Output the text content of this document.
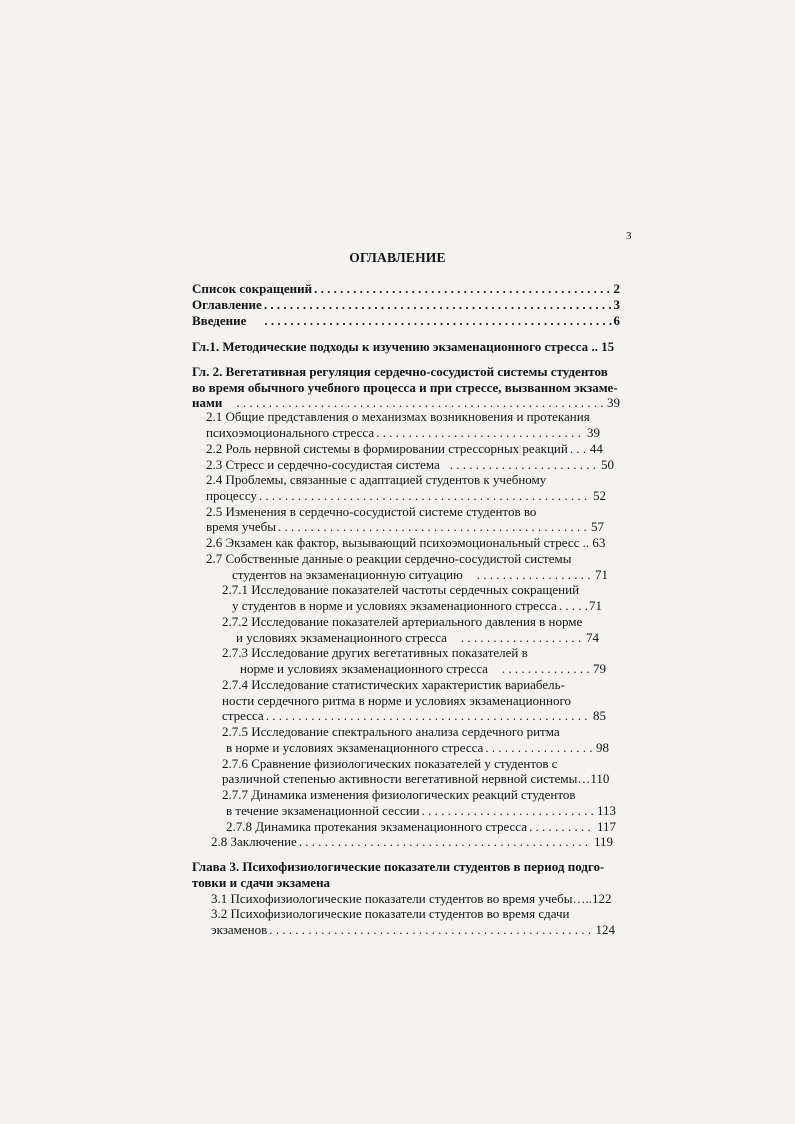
3
ОГЛАВЛЕНИЕ
Список сокращений . . .	2
Оглавление . . .	3
Введение . . .	6
Гл.1. Методические подходы к изучению экзаменационного стресса .. 15
Гл. 2. Вегетативная регуляция сердечно-сосудистой системы студентов
во время обычного учебного процесса и при стрессе, вызванном экзаме-
нами . . .	39
2.1 Общие представления о механизмах возникновения и протекания
психоэмоционального стресса . . .	39
2.2 Роль нервной системы в формировании стрессорных реакций . . . 44
2.3 Стресс и сердечно-сосудистая система . . .	50
2.4 Проблемы, связанные с адаптацией студентов к учебному
процессу . . .	52
2.5 Изменения в сердечно-сосудистой системе студентов во
время учебы . . .	57
2.6 Экзамен как фактор, вызывающий психоэмоциональный стресс .. 63
2.7 Собственные данные о реакции сердечно-сосудистой системы
студентов на экзаменационную ситуацию . . .	71
2.7.1 Исследование показателей частоты сердечных сокращений
у студентов в норме и условиях экзаменационного стресса . . . 71
2.7.2 Исследование показателей артериального давления в норме
и условиях экзаменационного стресса . . .	74
2.7.3 Исследование других вегетативных показателей в
норме и условиях экзаменационного стресса . . .	79
2.7.4 Исследование статистических характеристик вариабель-
ности сердечного ритма в норме и условиях экзаменационного
стресса . . .	85
2.7.5 Исследование спектрального анализа сердечного ритма
в норме и условиях экзаменационного стресса . . .	98
2.7.6 Сравнение физиологических показателей у студентов с
различной степенью активности вегетативной нервной системы…110
2.7.7 Динамика изменения физиологических реакций студентов
в течение экзаменационной сессии . . .	113
2.7.8 Динамика протекания экзаменационного стресса . . .	117
2.8 Заключение . . .	119
Глава 3. Психофизиологические показатели студентов в период подго-
товки и сдачи экзамена
3.1 Психофизиологические показатели студентов во время учебы…..122
3.2 Психофизиологические показатели студентов во время сдачи
экзаменов . . .	124
